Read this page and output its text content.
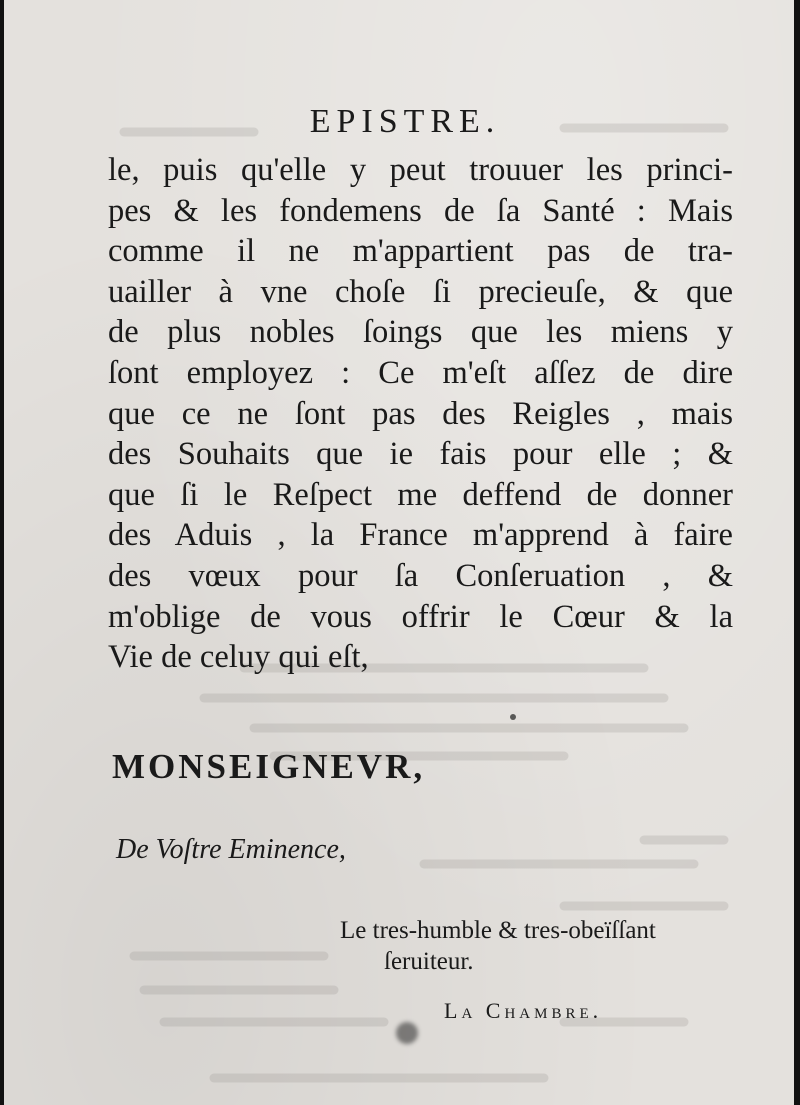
EPISTRE.
le, puis qu'elle y peut trouuer les princi-
pes & les fondemens de ſa Santé : Mais
comme il ne m'appartient pas de tra-
uailler à vne choſe ſi precieuſe, & que
de plus nobles ſoings que les miens y
ſont employez : Ce m'eſt aſſez de dire
que ce ne ſont pas des Reigles , mais
des Souhaits que ie fais pour elle ; &
que ſi le Reſpect me deffend de donner
des Aduis , la France m'apprend à faire
des vœux pour ſa Conſeruation , &
m'oblige de vous offrir le Cœur & la
Vie de celuy qui eſt,
MONSEIGNEVR,
De Voſtre Eminence,
Le tres-humble & tres-obeïſſant
ſeruiteur.
La Chambre.
